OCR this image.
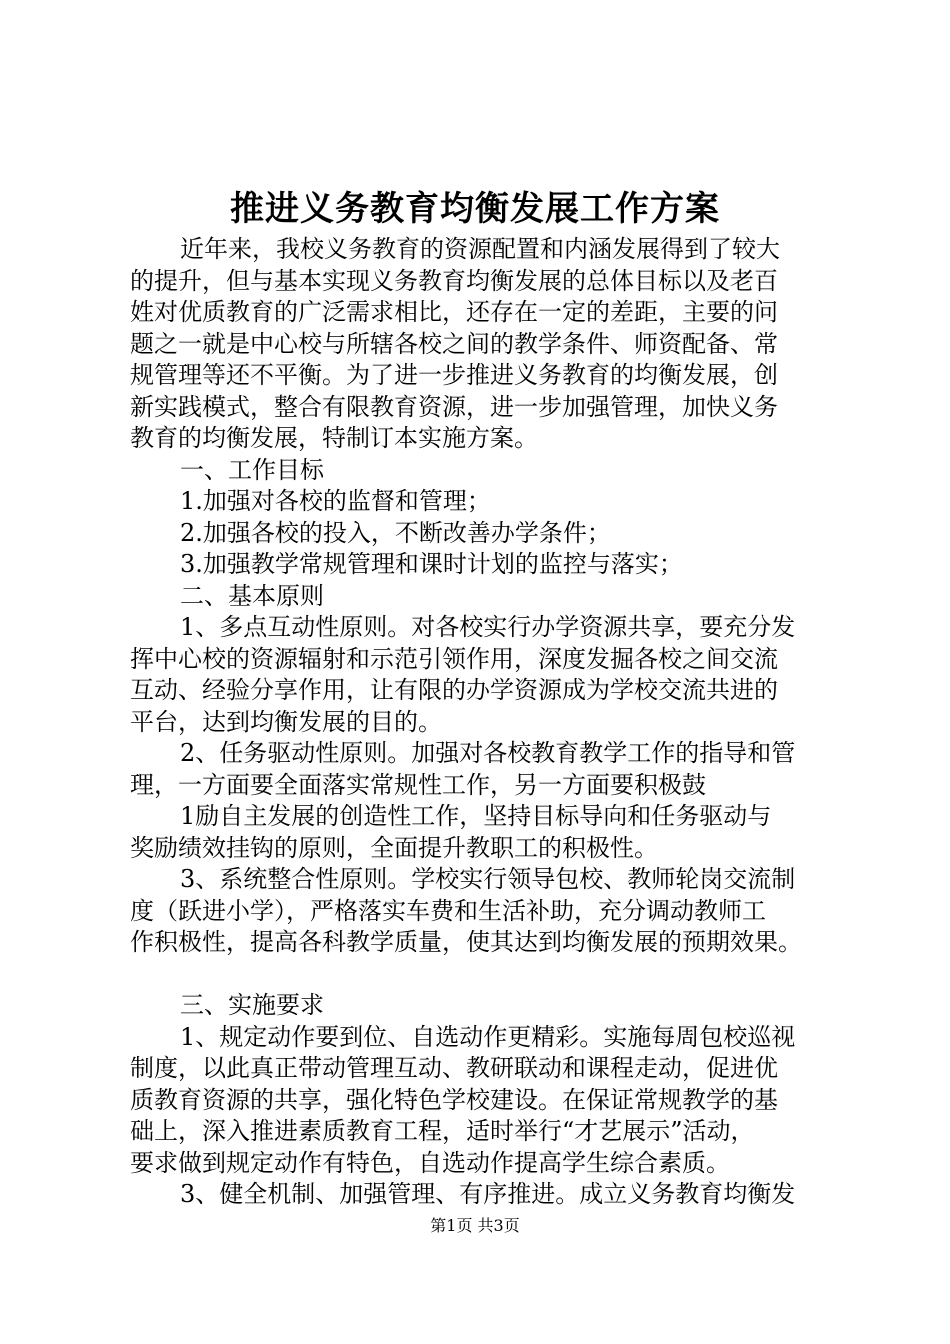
推进义务教育均衡发展工作方案
近年来，我校义务教育的资源配置和内涵发展得到了较大
的提升，但与基本实现义务教育均衡发展的总体目标以及老百
姓对优质教育的广泛需求相比，还存在一定的差距，主要的问
题之一就是中心校与所辖各校之间的教学条件、师资配备、常
规管理等还不平衡。为了进一步推进义务教育的均衡发展，创
新实践模式，整合有限教育资源，进一步加强管理，加快义务
教育的均衡发展，特制订本实施方案。
一、工作目标
1.加强对各校的监督和管理；
2.加强各校的投入，不断改善办学条件；
3.加强教学常规管理和课时计划的监控与落实；
二、基本原则
1、多点互动性原则。对各校实行办学资源共享，要充分发
挥中心校的资源辐射和示范引领作用，深度发掘各校之间交流
互动、经验分享作用，让有限的办学资源成为学校交流共进的
平台，达到均衡发展的目的。
2、任务驱动性原则。加强对各校教育教学工作的指导和管
理，一方面要全面落实常规性工作，另一方面要积极鼓
1励自主发展的创造性工作，坚持目标导向和任务驱动与
奖励绩效挂钩的原则，全面提升教职工的积极性。
3、系统整合性原则。学校实行领导包校、教师轮岗交流制
度（跃进小学），严格落实车费和生活补助，充分调动教师工
作积极性，提高各科教学质量，使其达到均衡发展的预期效果。
三、实施要求
1、规定动作要到位、自选动作更精彩。实施每周包校巡视
制度，以此真正带动管理互动、教研联动和课程走动，促进优
质教育资源的共享，强化特色学校建设。在保证常规教学的基
础上，深入推进素质教育工程，适时举行“才艺展示”活动，
要求做到规定动作有特色，自选动作提高学生综合素质。
3、健全机制、加强管理、有序推进。成立义务教育均衡发
第1页 共3页
